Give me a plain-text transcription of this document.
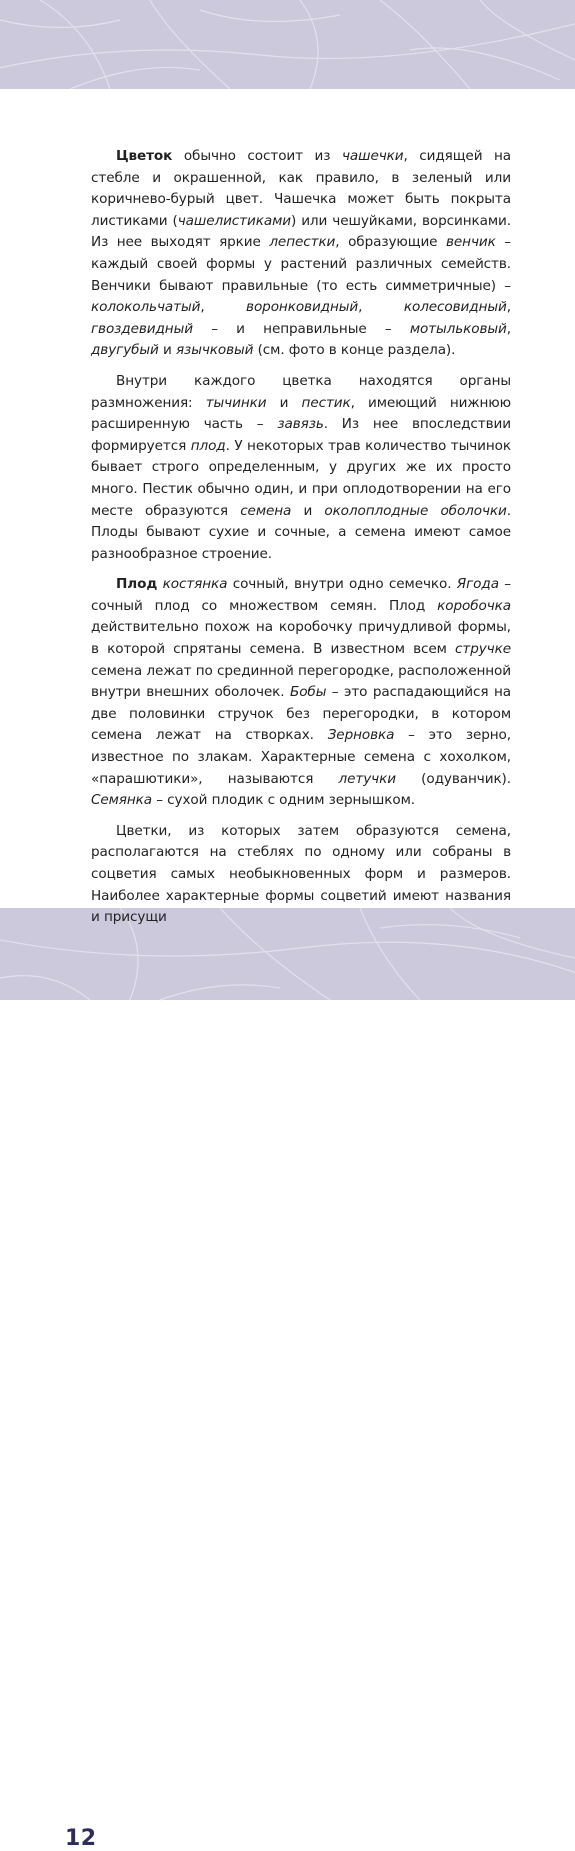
12

Цветок обычно состоит из чашечки, сидящей на стебле и окрашенной, как правило, в зеленый или коричнево-бурый цвет. Чашечка может быть покрыта листиками (чашелистиками) или чешуйками, ворсинками. Из нее выходят яркие лепестки, образующие венчик – каждый своей формы у растений различных семейств. Венчики бывают правильные (то есть симметричные) – колокольчатый, воронковидный, колесовидный, гвоздевидный – и неправильные – мотыльковый, двугубый и язычковый (см. фото в конце раздела).

Внутри каждого цветка находятся органы размножения: тычинки и пестик, имеющий нижнюю расширенную часть – завязь. Из нее впоследствии формируется плод. У некоторых трав количество тычинок бывает строго определенным, у других же их просто много. Пестик обычно один, и при оплодотворении на его месте образуются семена и околоплодные оболочки. Плоды бывают сухие и сочные, а семена имеют самое разнообразное строение.

Плод костянка сочный, внутри одно семечко. Ягода – сочный плод со множеством семян. Плод коробочка действительно похож на коробочку причудливой формы, в которой спрятаны семена. В известном всем стручке семена лежат по срединной перегородке, расположенной внутри внешних оболочек. Бобы – это распадающийся на две половинки стручок без перегородки, в котором семена лежат на створках. Зерновка – это зерно, известное по злакам. Характерные семена с хохолком, «парашютики», называются летучки (одуванчик). Семянка – сухой плодик с одним зернышком.

Цветки, из которых затем образуются семена, располагаются на стеблях по одному или собраны в соцветия самых необыкновенных форм и размеров. Наиболее характерные формы соцветий имеют названия и присущи
